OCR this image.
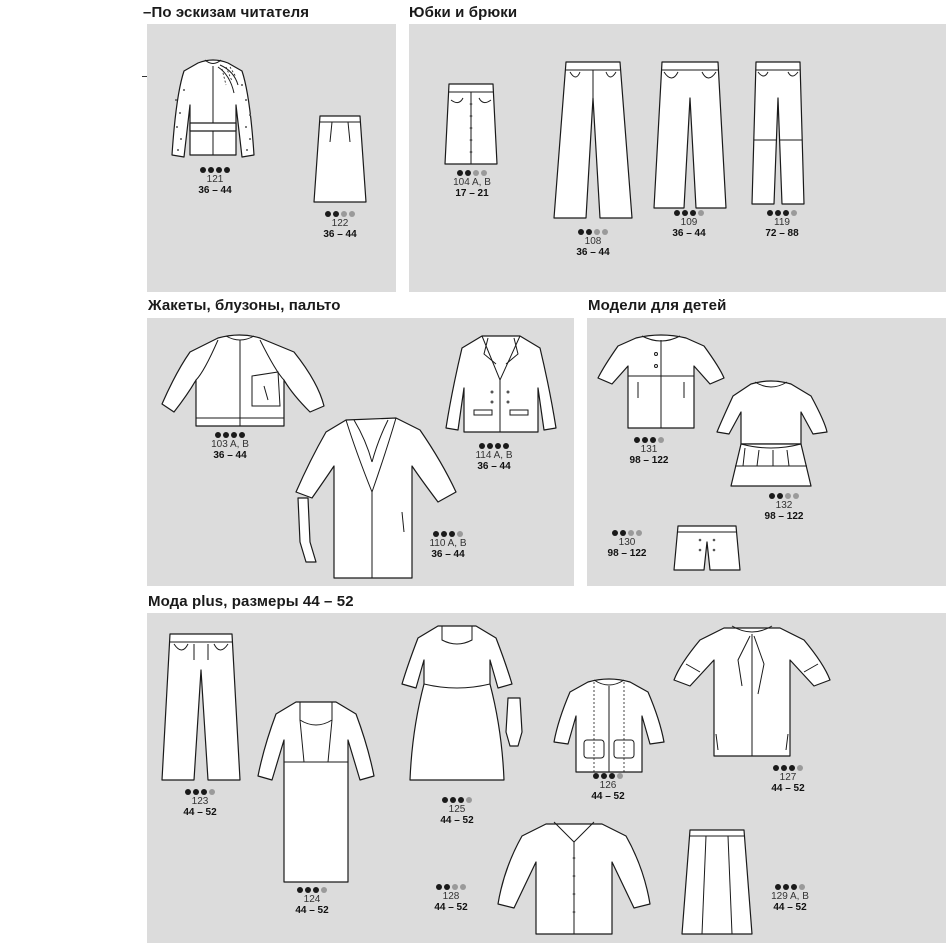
–По эскизам читателя	Юбки и брюки
Жакеты, блузоны, пальто	Модели для детей
Мода plus, размеры 44 – 52
121
36 – 44
122
36 – 44
104 A, B
17 – 21
108
36 – 44
109
36 – 44
119
72 – 88
103 A, B
36 – 44	114 A, B
36 – 44
110 A, B
36 – 44
131
98 – 122
132
98 – 122
130
98 – 122
123
44 – 52
124
44 – 52
125
44 – 52
126
44 – 52
127
44 – 52
128
44 – 52
129 A, B
44 – 52
